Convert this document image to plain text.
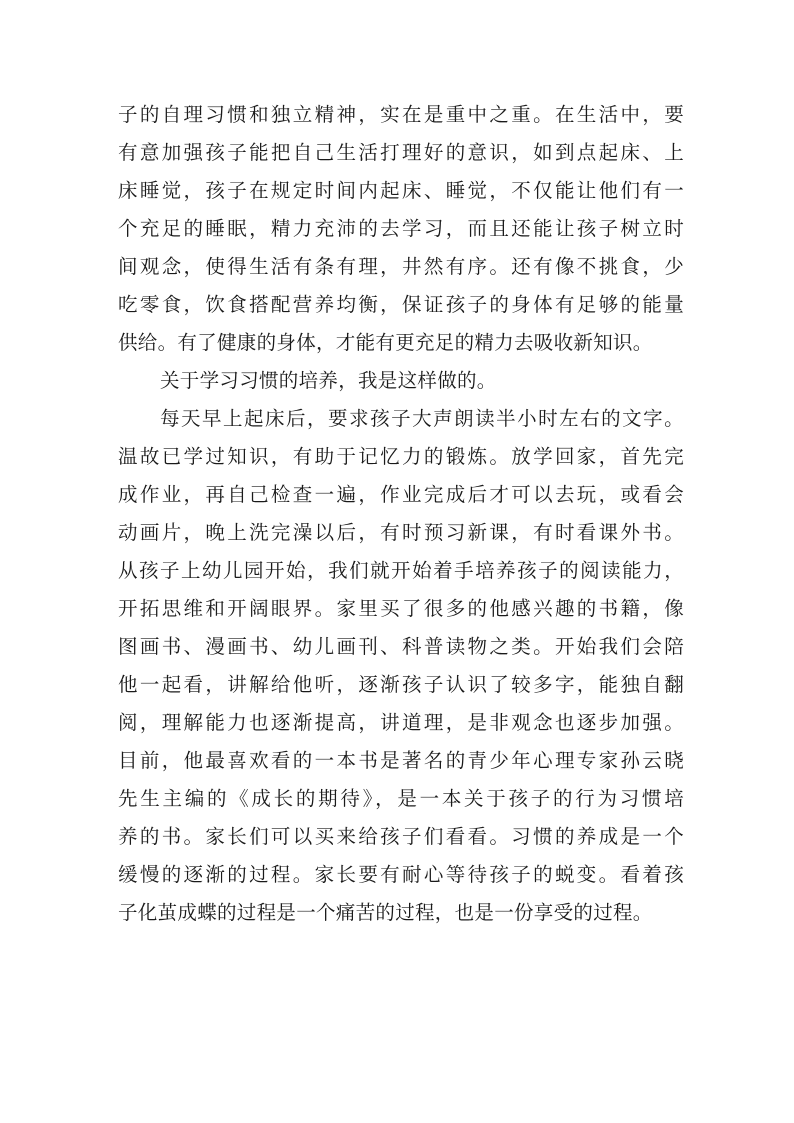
子的自理习惯和独立精神，实在是重中之重。在生活中，要
有意加强孩子能把自己生活打理好的意识，如到点起床、上
床睡觉，孩子在规定时间内起床、睡觉，不仅能让他们有一
个充足的睡眠，精力充沛的去学习，而且还能让孩子树立时
间观念，使得生活有条有理，井然有序。还有像不挑食，少
吃零食，饮食搭配营养均衡，保证孩子的身体有足够的能量
供给。有了健康的身体，才能有更充足的精力去吸收新知识。
关于学习习惯的培养，我是这样做的。
每天早上起床后，要求孩子大声朗读半小时左右的文字。
温故已学过知识，有助于记忆力的锻炼。放学回家，首先完
成作业，再自己检查一遍，作业完成后才可以去玩，或看会
动画片，晚上洗完澡以后，有时预习新课，有时看课外书。
从孩子上幼儿园开始，我们就开始着手培养孩子的阅读能力，
开拓思维和开阔眼界。家里买了很多的他感兴趣的书籍，像
图画书、漫画书、幼儿画刊、科普读物之类。开始我们会陪
他一起看，讲解给他听，逐渐孩子认识了较多字，能独自翻
阅，理解能力也逐渐提高，讲道理，是非观念也逐步加强。
目前，他最喜欢看的一本书是著名的青少年心理专家孙云晓
先生主编的《成长的期待》，是一本关于孩子的行为习惯培
养的书。家长们可以买来给孩子们看看。习惯的养成是一个
缓慢的逐渐的过程。家长要有耐心等待孩子的蜕变。看着孩
子化茧成蝶的过程是一个痛苦的过程，也是一份享受的过程。
